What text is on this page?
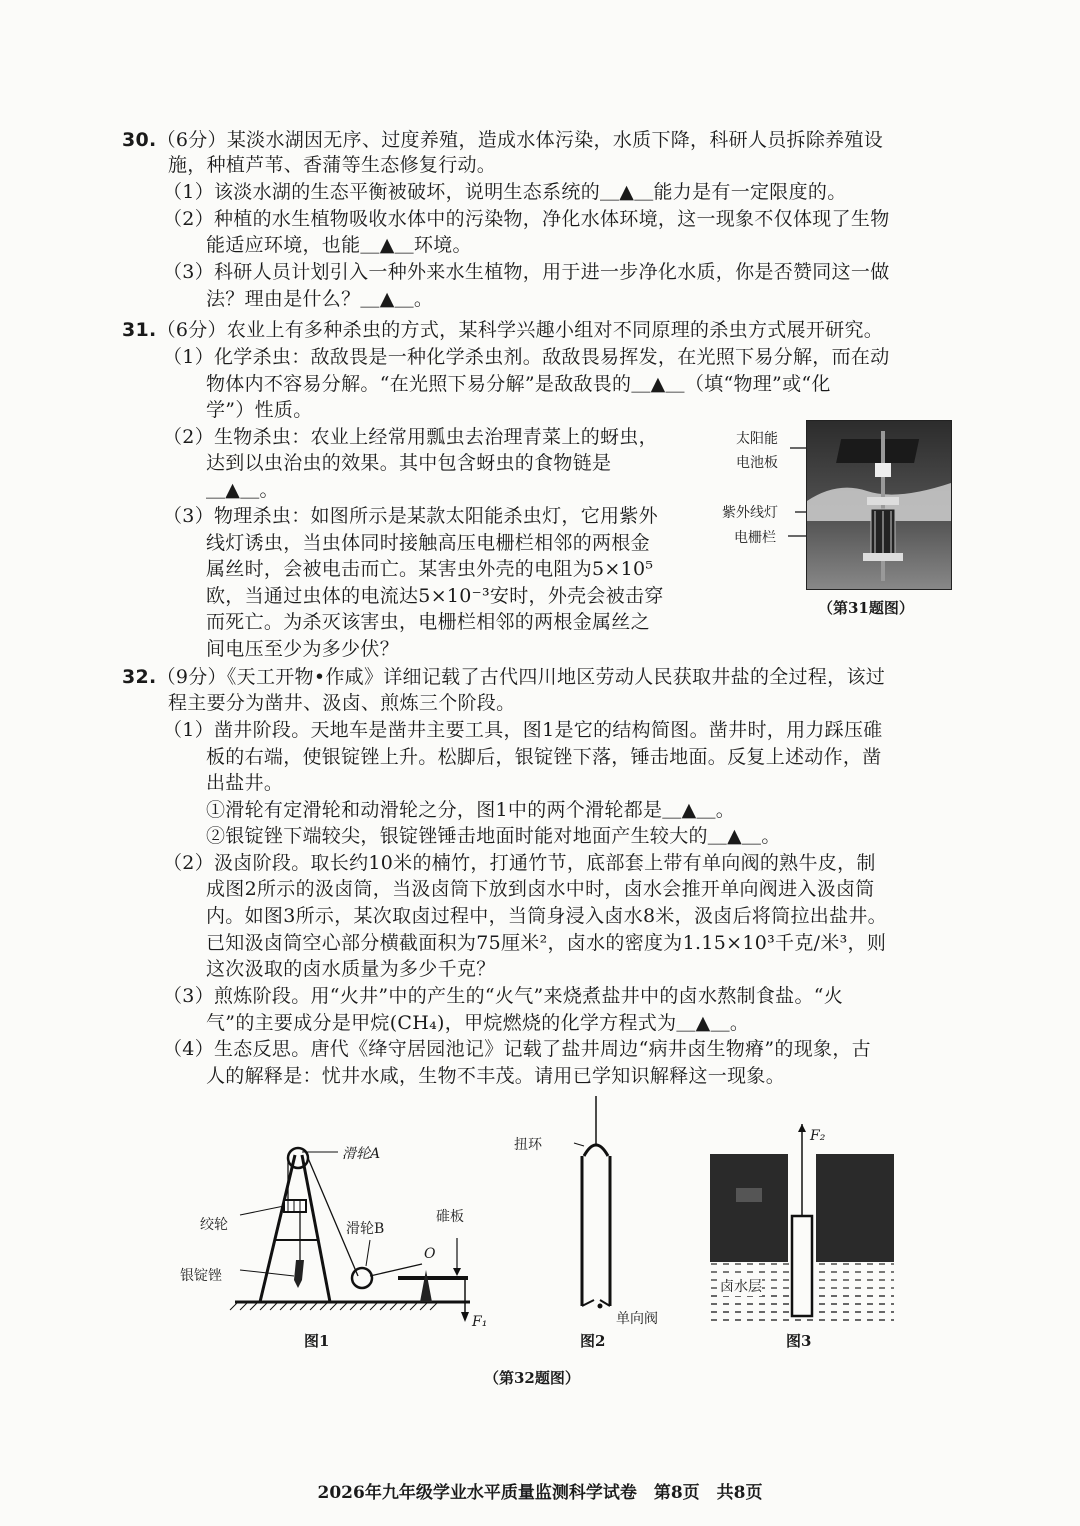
30.（6分）某淡水湖因无序、过度养殖，造成水体污染，水质下降，科研人员拆除养殖设
施，种植芦苇、香蒲等生态修复行动。
（1）该淡水湖的生态平衡被破坏，说明生态系统的＿▲＿能力是有一定限度的。
（2）种植的水生植物吸收水体中的污染物，净化水体环境，这一现象不仅体现了生物
能适应环境，也能＿▲＿环境。
（3）科研人员计划引入一种外来水生植物，用于进一步净化水质，你是否赞同这一做
法？理由是什么？＿▲＿。
31.（6分）农业上有多种杀虫的方式，某科学兴趣小组对不同原理的杀虫方式展开研究。
（1）化学杀虫：敌敌畏是一种化学杀虫剂。敌敌畏易挥发，在光照下易分解，而在动
物体内不容易分解。“在光照下易分解”是敌敌畏的＿▲＿（填“物理”或“化
学”）性质。
（2）生物杀虫：农业上经常用瓢虫去治理青菜上的蚜虫，
达到以虫治虫的效果。其中包含蚜虫的食物链是
＿▲＿。
（3）物理杀虫：如图所示是某款太阳能杀虫灯，它用紫外
线灯诱虫，当虫体同时接触高压电栅栏相邻的两根金
属丝时，会被电击而亡。某害虫外壳的电阻为5×10⁵
欧，当通过虫体的电流达5×10⁻³安时，外壳会被击穿
而死亡。为杀灭该害虫，电栅栏相邻的两根金属丝之
间电压至少为多少伏？
太阳能
电池板
紫外线灯
电栅栏
（第31题图）
32.（9分）《天工开物•作咸》详细记载了古代四川地区劳动人民获取井盐的全过程，该过
程主要分为凿井、汲卤、煎炼三个阶段。
（1）凿井阶段。天地车是凿井主要工具，图1是它的结构简图。凿井时，用力踩压碓
板的右端，使银锭锉上升。松脚后，银锭锉下落，锤击地面。反复上述动作，凿
出盐井。
①滑轮有定滑轮和动滑轮之分，图1中的两个滑轮都是＿▲＿。
②银锭锉下端较尖，银锭锉锤击地面时能对地面产生较大的＿▲＿。
（2）汲卤阶段。取长约10米的楠竹，打通竹节，底部套上带有单向阀的熟牛皮，制
成图2所示的汲卤筒，当汲卤筒下放到卤水中时，卤水会推开单向阀进入汲卤筒
内。如图3所示，某次取卤过程中，当筒身浸入卤水8米，汲卤后将筒拉出盐井。
已知汲卤筒空心部分横截面积为75厘米²，卤水的密度为1.15×10³千克/米³，则
这次汲取的卤水质量为多少千克？
（3）煎炼阶段。用“火井”中的产生的“火气”来烧煮盐井中的卤水熬制食盐。“火
气”的主要成分是甲烷(CH₄)，甲烷燃烧的化学方程式为＿▲＿。
（4）生态反思。唐代《绛守居园池记》记载了盐井周边“病井卤生物瘠”的现象，古
人的解释是：忧井水咸，生物不丰茂。请用已学知识解释这一现象。
滑轮A
绞轮	滑轮B
碓板
银锭锉
O
F₁
图1
扭环
单向阀
图2
F₂
卤水层
图3
（第32题图）
2026年九年级学业水平质量监测科学试卷　第8页　共8页
